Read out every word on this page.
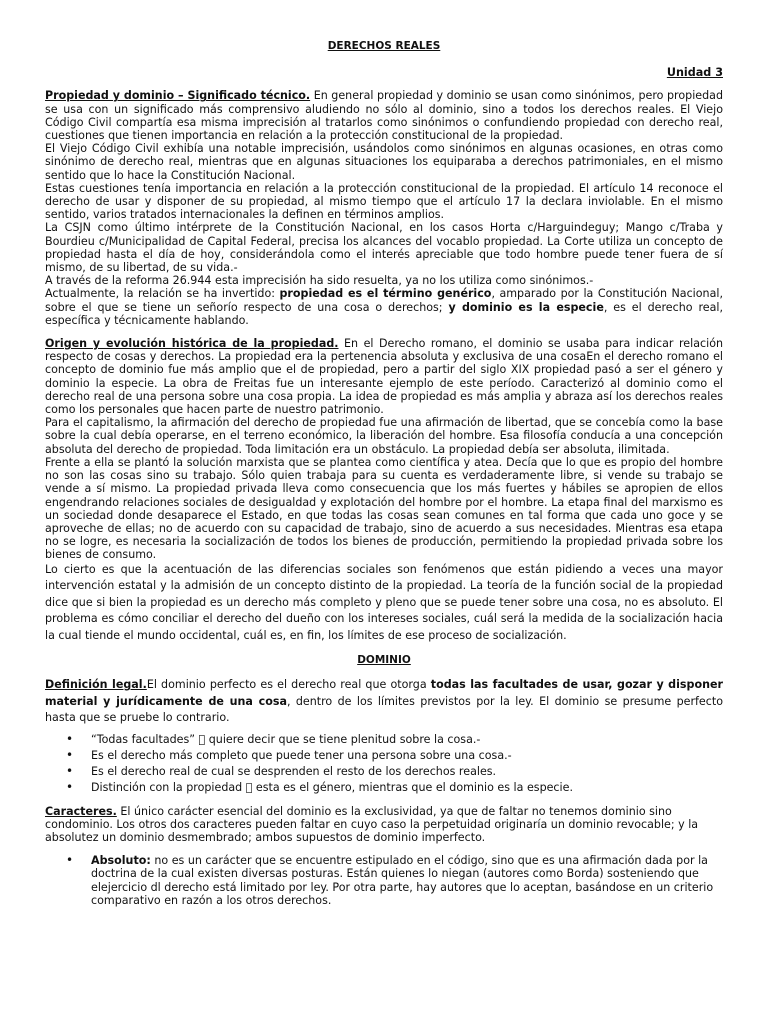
DERECHOS REALES
Unidad 3

Propiedad y dominio – Significado técnico. En general propiedad y dominio se usan como sinónimos, pero propiedad se usa con un significado más comprensivo aludiendo no sólo al dominio, sino a todos los derechos reales. El Viejo Código Civil compartía esa misma imprecisión al tratarlos como sinónimos o confundiendo propiedad con derecho real, cuestiones que tienen importancia en relación a la protección constitucional de la propiedad.

El Viejo Código Civil exhibía una notable imprecisión, usándolos como sinónimos en algunas ocasiones, en otras como sinónimo de derecho real, mientras que en algunas situaciones los equiparaba a derechos patrimoniales, en el mismo sentido que lo hace la Constitución Nacional.

Estas cuestiones tenía importancia en relación a la protección constitucional de la propiedad. El artículo 14 reconoce el derecho de usar y disponer de su propiedad, al mismo tiempo que el artículo 17 la declara inviolable. En el mismo sentido, varios tratados internacionales la definen en términos amplios.

La CSJN como último intérprete de la Constitución Nacional, en los casos Horta c/Harguindeguy; Mango c/Traba y Bourdieu c/Municipalidad de Capital Federal, precisa los alcances del vocablo propiedad. La Corte utiliza un concepto de propiedad hasta el día de hoy, considerándola como el interés apreciable que todo hombre puede tener fuera de sí mismo, de su libertad, de su vida.-

A través de la reforma 26.944 esta imprecisión ha sido resuelta, ya no los utiliza como sinónimos.-

Actualmente, la relación se ha invertido: propiedad es el término genérico, amparado por la Constitución Nacional, sobre el que se tiene un señorío respecto de una cosa o derechos; y dominio es la especie, es el derecho real, específica y técnicamente hablando.

Origen y evolución histórica de la propiedad. En el Derecho romano, el dominio se usaba para indicar relación respecto de cosas y derechos. La propiedad era la pertenencia absoluta y exclusiva de una cosaEn el derecho romano el concepto de dominio fue más amplio que el de propiedad, pero a partir del siglo XIX propiedad pasó a ser el género y dominio la especie. La obra de Freitas fue un interesante ejemplo de este período. Caracterizó al dominio como el derecho real de una persona sobre una cosa propia. La idea de propiedad es más amplia y abraza así los derechos reales como los personales que hacen parte de nuestro patrimonio.

Para el capitalismo, la afirmación del derecho de propiedad fue una afirmación de libertad, que se concebía como la base sobre la cual debía operarse, en el terreno económico, la liberación del hombre. Esa filosofía conducía a una concepción absoluta del derecho de propiedad. Toda limitación era un obstáculo. La propiedad debía ser absoluta, ilimitada.

Frente a ella se plantó la solución marxista que se plantea como científica y atea. Decía que lo que es propio del hombre no son las cosas sino su trabajo. Sólo quien trabaja para su cuenta es verdaderamente libre, si vende su trabajo se vende a sí mismo. La propiedad privada lleva como consecuencia que los más fuertes y hábiles se apropien de ellos engendrando relaciones sociales de desigualdad y explotación del hombre por el hombre. La etapa final del marxismo es un sociedad donde desaparece el Estado, en que todas las cosas sean comunes en tal forma que cada uno goce y se aproveche de ellas; no de acuerdo con su capacidad de trabajo, sino de acuerdo a sus necesidades. Mientras esa etapa no se logre, es necesaria la socialización de todos los bienes de producción, permitiendo la propiedad privada sobre los bienes de consumo.

Lo cierto es que la acentuación de las diferencias sociales son fenómenos que están pidiendo a veces una mayor intervención estatal y la admisión de un concepto distinto de la propiedad. La teoría de la función social de la propiedad dice que si bien la propiedad es un derecho más completo y pleno que se puede tener sobre una cosa, no es absoluto. El problema es cómo conciliar el derecho del dueño con los intereses sociales, cuál será la medida de la socialización hacia la cual tiende el mundo occidental, cuál es, en fin, los límites de ese proceso de socialización.

DOMINIO

Definición legal.El dominio perfecto es el derecho real que otorga todas las facultades de usar, gozar y disponer material y jurídicamente de una cosa, dentro de los límites previstos por la ley. El dominio se presume perfecto hasta que se pruebe lo contrario.

• “Todas facultades”   quiere decir que se tiene plenitud sobre la cosa.-
• Es el derecho más completo que puede tener una persona sobre una cosa.-
• Es el derecho real de cual se desprenden el resto de los derechos reales.
• Distinción con la propiedad   esta es el género, mientras que el dominio es la especie.

Caracteres. El único carácter esencial del dominio es la exclusividad, ya que de faltar no tenemos dominio sino condominio. Los otros dos caracteres pueden faltar en cuyo caso la perpetuidad originaría un dominio revocable; y la absolutez un dominio desmembrado; ambos supuestos de dominio imperfecto.

• Absoluto: no es un carácter que se encuentre estipulado en el código, sino que es una afirmación dada por la doctrina de la cual existen diversas posturas. Están quienes lo niegan (autores como Borda) sosteniendo que elejercicio dl derecho está limitado por ley. Por otra parte, hay autores que lo aceptan, basándose en un criterio comparativo en razón a los otros derechos.
